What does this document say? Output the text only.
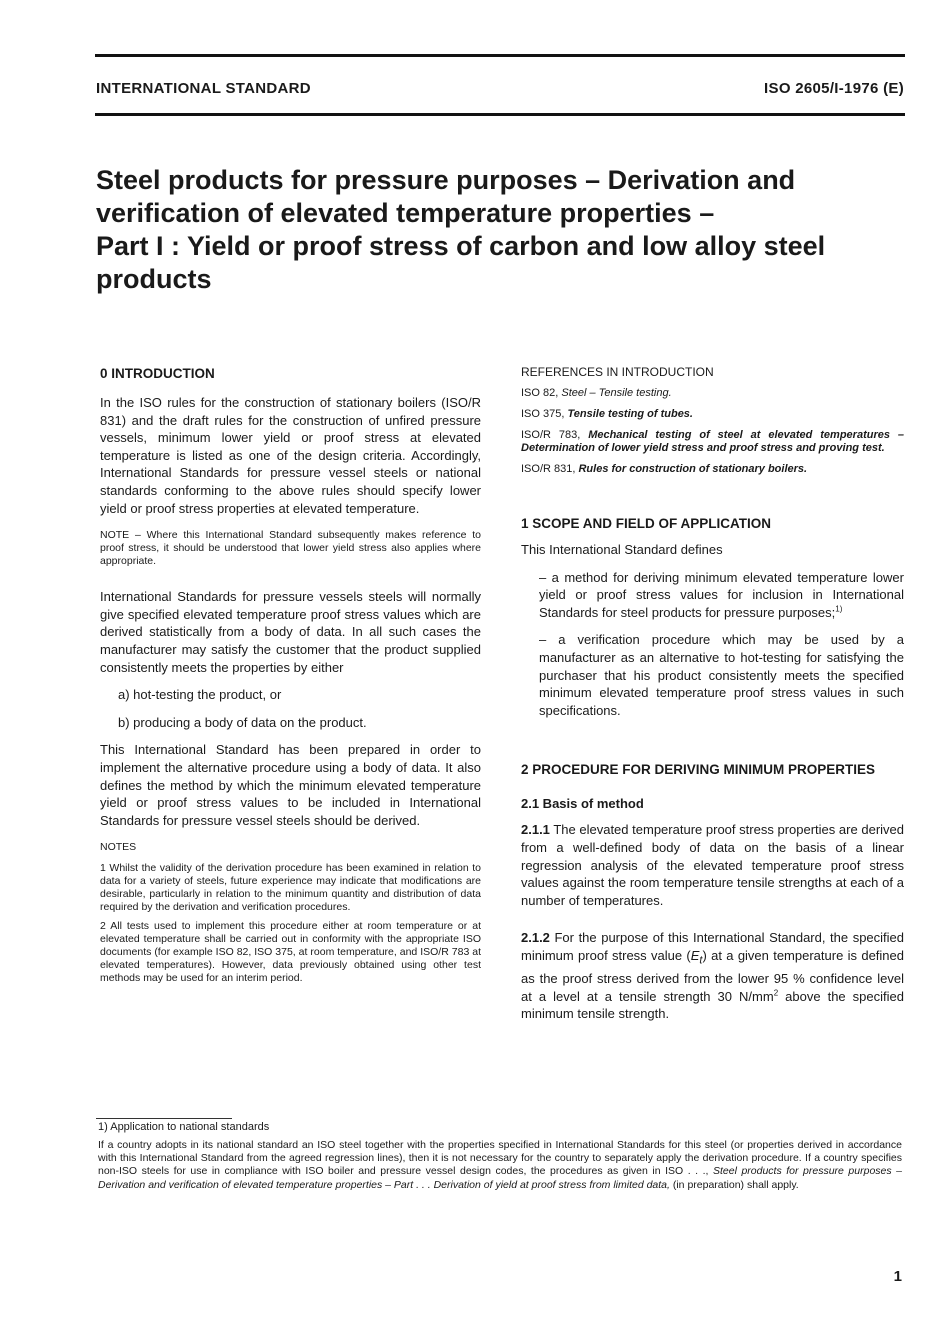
INTERNATIONAL STANDARD	ISO 2605/I-1976 (E)
Steel products for pressure purposes – Derivation and
verification of elevated temperature properties –
Part I : Yield or proof stress of carbon and low alloy steel
products
0 INTRODUCTION

In the ISO rules for the construction of stationary boilers (ISO/R 831) and the draft rules for the construction of unfired pressure vessels, minimum lower yield or proof stress at elevated temperature is listed as one of the design criteria. Accordingly, International Standards for pressure vessel steels or national standards conforming to the above rules should specify lower yield or proof stress properties at elevated temperature.

NOTE – Where this International Standard subsequently makes reference to proof stress, it should be understood that lower yield stress also applies where appropriate.

International Standards for pressure vessels steels will normally give specified elevated temperature proof stress values which are derived statistically from a body of data. In all such cases the manufacturer may satisfy the customer that the product supplied consistently meets the properties by either

a) hot-testing the product, or

b) producing a body of data on the product.

This International Standard has been prepared in order to implement the alternative procedure using a body of data. It also defines the method by which the minimum elevated temperature yield or proof stress values to be included in International Standards for pressure vessel steels should be derived.

NOTES

1 Whilst the validity of the derivation procedure has been examined in relation to data for a variety of steels, future experience may indicate that modifications are desirable, particularly in relation to the minimum quantity and distribution of data required by the derivation and verification procedures.

2 All tests used to implement this procedure either at room temperature or at elevated temperature shall be carried out in conformity with the appropriate ISO documents (for example ISO 82, ISO 375, at room temperature, and ISO/R 783 at elevated temperatures). However, data previously obtained using other test methods may be used for an interim period.

REFERENCES IN INTRODUCTION

ISO 82, Steel – Tensile testing.

ISO 375, Tensile testing of tubes.

ISO/R 783, Mechanical testing of steel at elevated temperatures – Determination of lower yield stress and proof stress and proving test.

ISO/R 831, Rules for construction of stationary boilers.

1 SCOPE AND FIELD OF APPLICATION

This International Standard defines

– a method for deriving minimum elevated temperature lower yield or proof stress values for inclusion in International Standards for steel products for pressure purposes;$^{1)}$

– a verification procedure which may be used by a manufacturer as an alternative to hot-testing for satisfying the purchaser that his product consistently meets the specified minimum elevated temperature proof stress values in such specifications.

2 PROCEDURE FOR DERIVING MINIMUM PROPERTIES
2.1 Basis of method

2.1.1 The elevated temperature proof stress properties are derived from a well-defined body of data on the basis of a linear regression analysis of the elevated temperature proof stress values against the room temperature tensile strengths at each of a number of temperatures.

2.1.2 For the purpose of this International Standard, the specified minimum proof stress value $(E_t)$ at a given temperature is defined as the proof stress derived from the lower 95 % confidence level at a level at a tensile strength 30 $N/mm^2$ above the specified minimum tensile strength.

1) Application to national standards

If a country adopts in its national standard an ISO steel together with the properties specified in International Standards for this steel (or properties derived in accordance with this International Standard from the agreed regression lines), then it is not necessary for the country to separately apply the derivation procedure. If a country specifies non-ISO steels for use in compliance with ISO boiler and pressure vessel design codes, the procedures as given in ISO . . ., Steel products for pressure purposes – Derivation and verification of elevated temperature properties – Part . . . Derivation of yield at proof stress from limited data, (in preparation) shall apply.

1
